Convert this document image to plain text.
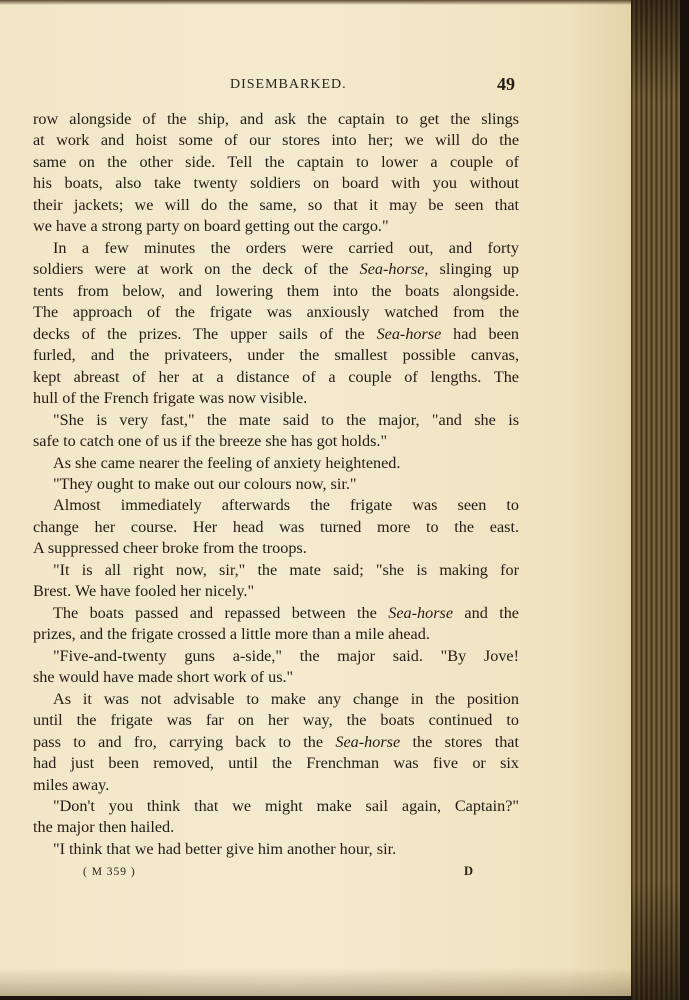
DISEMBARKED.	49
row alongside of the ship, and ask the captain to get the slings
at work and hoist some of our stores into her; we will do the
same on the other side. Tell the captain to lower a couple of
his boats, also take twenty soldiers on board with you without
their jackets; we will do the same, so that it may be seen that
we have a strong party on board getting out the cargo."
In a few minutes the orders were carried out, and forty
soldiers were at work on the deck of the Sea-horse, slinging up
tents from below, and lowering them into the boats alongside.
The approach of the frigate was anxiously watched from the
decks of the prizes. The upper sails of the Sea-horse had been
furled, and the privateers, under the smallest possible canvas,
kept abreast of her at a distance of a couple of lengths. The
hull of the French frigate was now visible.
"She is very fast," the mate said to the major, "and she is
safe to catch one of us if the breeze she has got holds."
As she came nearer the feeling of anxiety heightened.
"They ought to make out our colours now, sir."
Almost immediately afterwards the frigate was seen to
change her course. Her head was turned more to the east.
A suppressed cheer broke from the troops.
"It is all right now, sir," the mate said; "she is making for
Brest. We have fooled her nicely."
The boats passed and repassed between the Sea-horse and the
prizes, and the frigate crossed a little more than a mile ahead.
"Five-and-twenty guns a-side," the major said. "By Jove!
she would have made short work of us."
As it was not advisable to make any change in the position
until the frigate was far on her way, the boats continued to
pass to and fro, carrying back to the Sea-horse the stores that
had just been removed, until the Frenchman was five or six
miles away.
"Don't you think that we might make sail again, Captain?"
the major then hailed.
"I think that we had better give him another hour, sir.
( M 359 )	D
